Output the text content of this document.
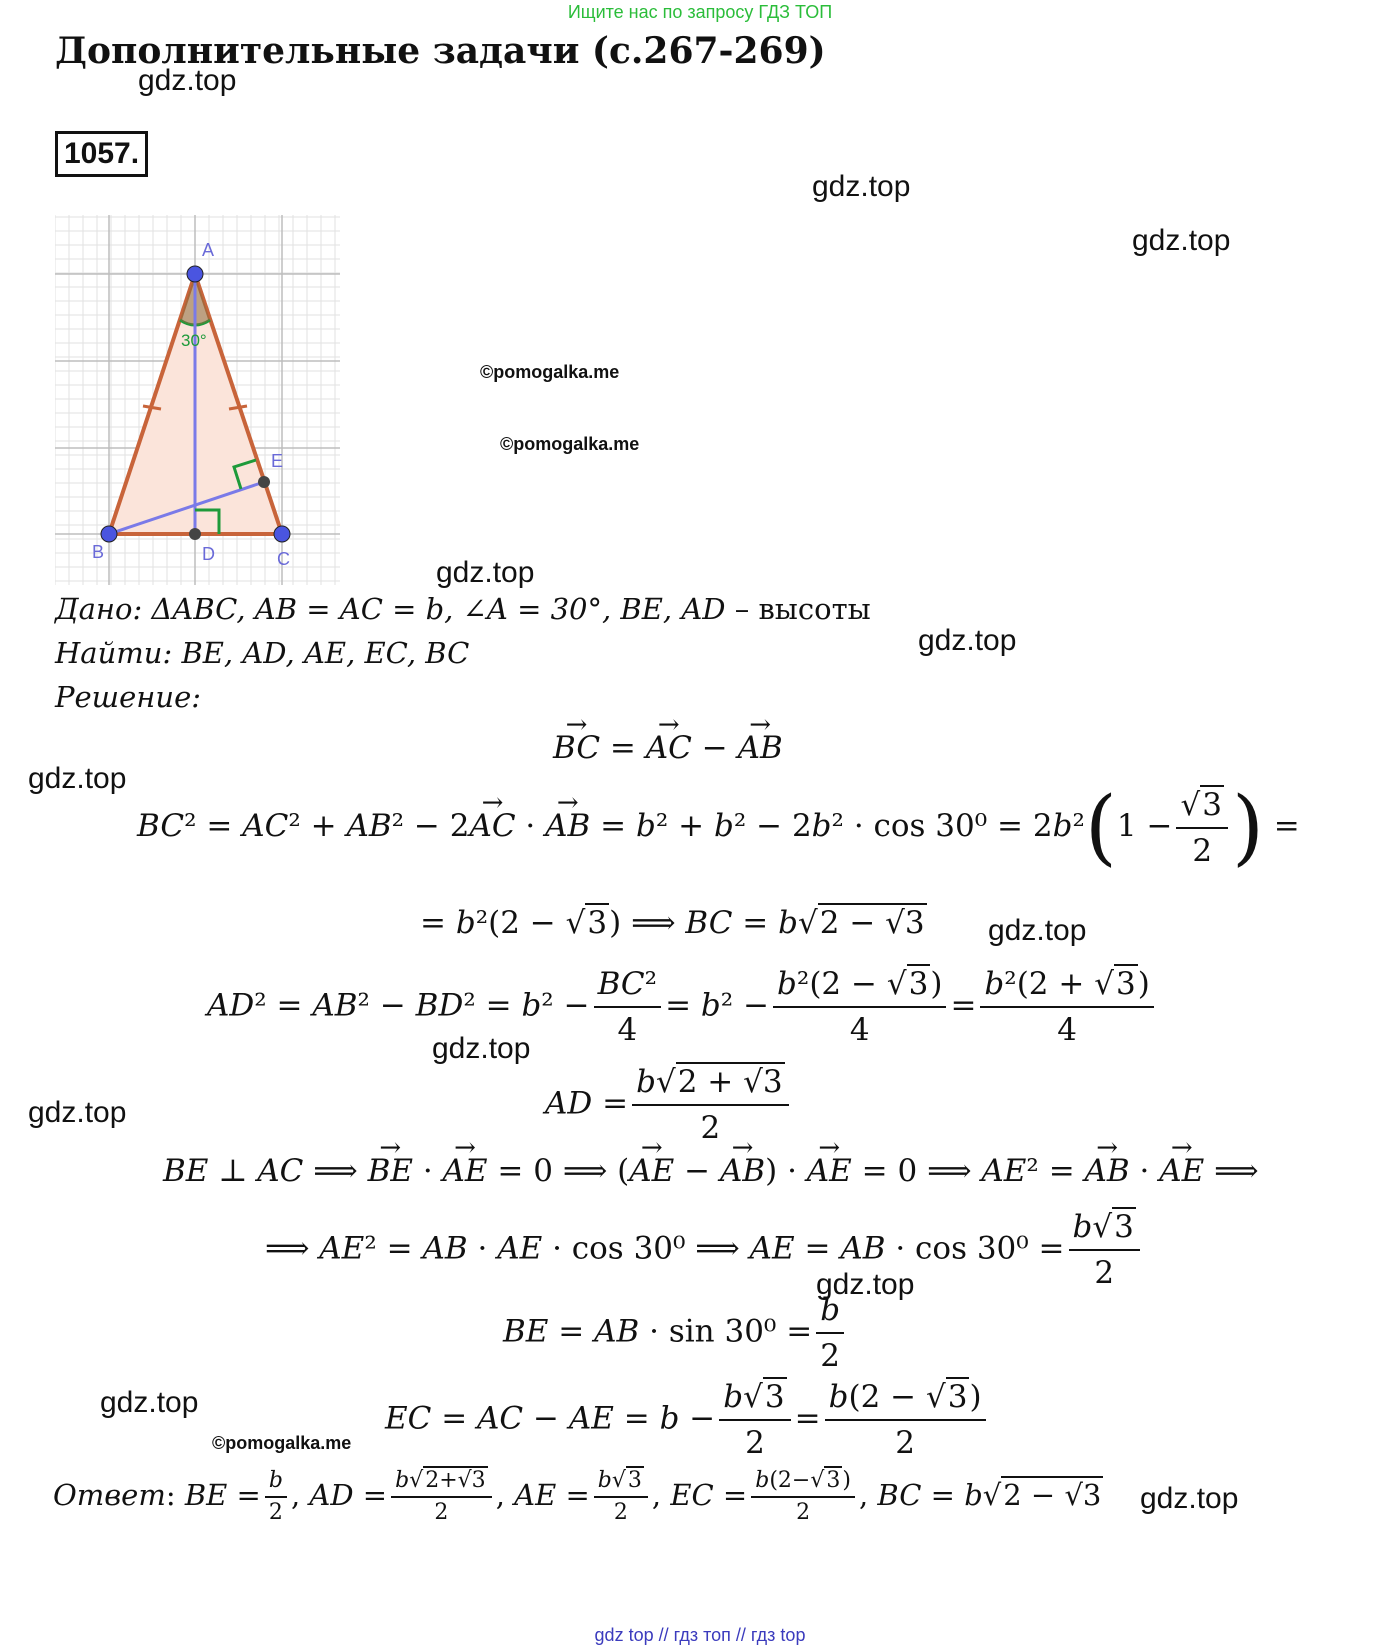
Ищите нас по запросу ГДЗ ТОП
Дополнительные задачи (с.267-269)
gdz.top
gdz.top
gdz.top
gdz.top
gdz.top
gdz.top
gdz.top
gdz.top
gdz.top
gdz.top
gdz.top
gdz.top
©pomogalka.me
©pomogalka.me
©pomogalka.me
1057.
A
B	C
D
E
30°
Дано: ΔABC, AB = AC = b, ∠A = 30°, BE, AD – высоты
Найти: BE, AD, AE, EC, BC
Решение:
→ BC = → AC − → AB
BC² = AC² + AB² − 2→ AC · → AB = $b^2 + b^2 - 2b^2 \cdot \cos 30^0 = 2b^2(1 - \frac{√3}{2}$ ) =
= b²(2 − √3) ⟹ BC = b√2 − √3
$AD^2 = AB^2 - BD^2 = b^2 - \frac{\text{BC²}}{4} = b^2 - \frac{\text{b²(2 − √3)}}{4} = \frac{\text{b²(2 + √3)}}{4}$
AD = $\frac{b√2 + √3}{2}$
BE ⊥ AC ⟹ → BE · → AE = 0 ⟹ (→ AE − → AB) · → AE = 0 ⟹ AE² = → AB · → AE ⟹
⟹ AE² = AB · AE · cos 30⁰ ⟹ AE = AB · $\cos 30^0 = \frac{b√3}{2}$
BE = AB · $\sin 30^0 = \frac{b}{2}$
EC = AC − AE = $b - \frac{b√3}{2} = \frac{b(2 - √3)}{2}$
Ответ: BE = $\frac{b}{2}$ , AD = $\frac{b√2+√3}{2}$ , AE = $\frac{b√3}{2}$ , EC = $\frac{b(2-√3)}{2}$ , BC = b√2 − √3
gdz top // гдз топ // гдз top
